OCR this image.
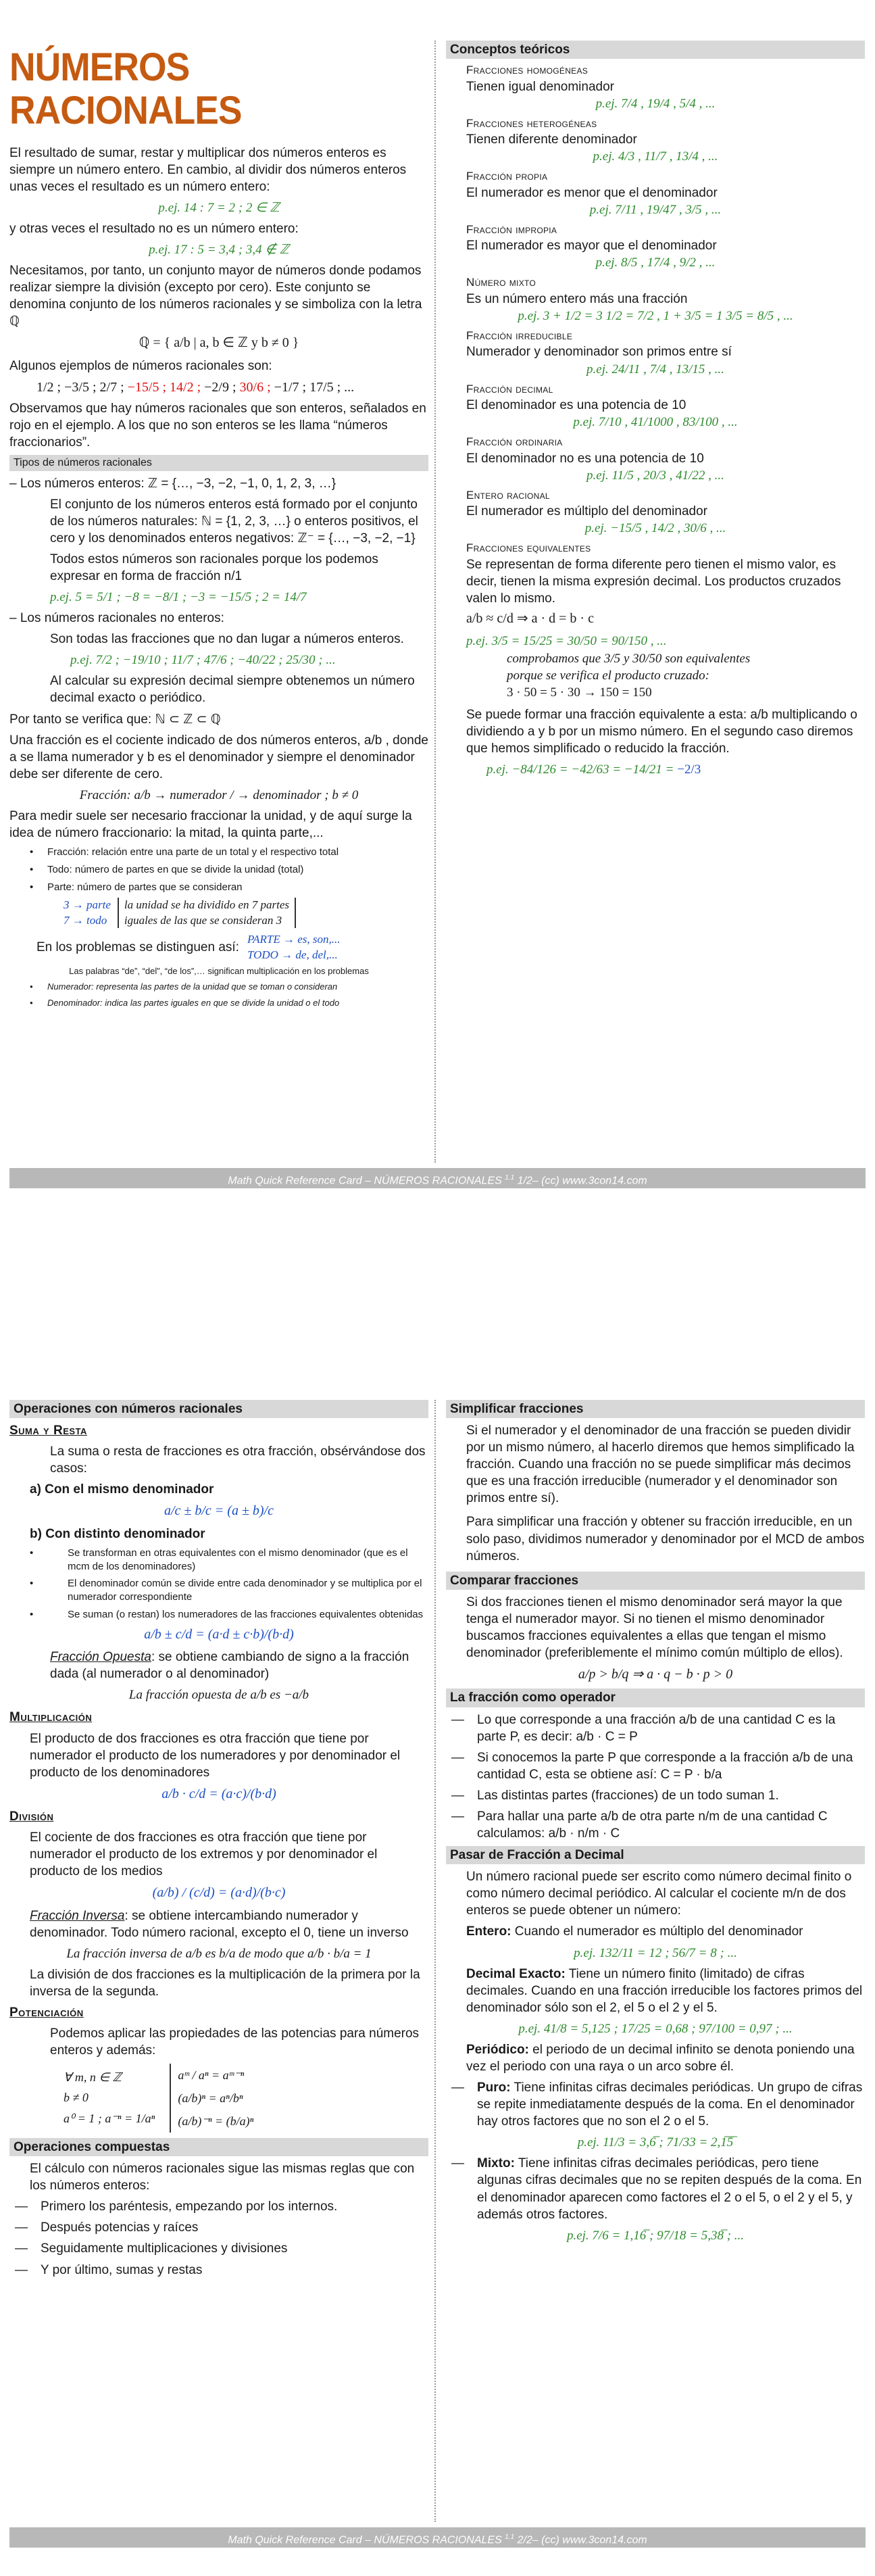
NÚMEROS RACIONALES

El resultado de sumar, restar y multiplicar dos números enteros es siempre un número entero. En cambio, al dividir dos números enteros unas veces el resultado es un número entero:

p.ej. 14 : 7 = 2 ; 2 ∈ ℤ

y otras veces el resultado no es un número entero:

p.ej. 17 : 5 = 3,4 ; 3,4 ∉ ℤ

Necesitamos, por tanto, un conjunto mayor de números donde podamos realizar siempre la división (excepto por cero). Este conjunto se denomina conjunto de los números racionales y se simboliza con la letra ℚ

ℚ = { a/b | a, b ∈ ℤ y b ≠ 0 }

Algunos ejemplos de números racionales son:

1/2 ; −3/5 ; 2/7 ; −15/5 ; 14/2 ; −2/9 ; 30/6 ; −1/7 ; 17/5 ; ...

Observamos que hay números racionales que son enteros, señalados en rojo en el ejemplo. A los que no son enteros se les llama “números fraccionarios”.

Tipos de números racionales

– Los números enteros: ℤ = {…, −3, −2, −1, 0, 1, 2, 3, …}

El conjunto de los números enteros está formado por el conjunto de los números naturales: ℕ = {1, 2, 3, …} o enteros positivos, el cero y los denominados enteros negativos: ℤ⁻ = {…, −3, −2, −1}

Todos estos números son racionales porque los podemos expresar en forma de fracción n/1

p.ej. 5 = 5/1 ; −8 = −8/1 ; −3 = −15/5 ; 2 = 14/7

– Los números racionales no enteros:

Son todas las fracciones que no dan lugar a números enteros.

p.ej. 7/2 ; −19/10 ; 11/7 ; 47/6 ; −40/22 ; 25/30 ; ...

Al calcular su expresión decimal siempre obtenemos un número decimal exacto o periódico.

Por tanto se verifica que: ℕ ⊂ ℤ ⊂ ℚ

Una fracción es el cociente indicado de dos números enteros, a/b , donde a se llama numerador y b es el denominador y siempre el denominador debe ser diferente de cero.

Fracción: a/b → numerador / → denominador ; b ≠ 0

Para medir suele ser necesario fraccionar la unidad, y de aquí surge la idea de número fraccionario: la mitad, la quinta parte,...

• Fracción: relación entre una parte de un total y el respectivo total
• Todo: número de partes en que se divide la unidad (total)
• Parte: número de partes que se consideran
3 → parte
7 → todo
la unidad se ha dividido en 7 partes
iguales de las que se consideran 3
En los problemas se distinguen así:
PARTE → es, son,...
TODO → de, del,...

Las palabras “de”, “del”, “de los”,… significan multiplicación en los problemas

• Numerador: representa las partes de la unidad que se toman o consideran
• Denominador: indica las partes iguales en que se divide la unidad o el todo
Conceptos teóricos
Fracciones homogéneas
Tienen igual denominador
p.ej. 7/4 , 19/4 , 5/4 , ...
Fracciones heterogéneas
Tienen diferente denominador
p.ej. 4/3 , 11/7 , 13/4 , ...
Fracción propia
El numerador es menor que el denominador
p.ej. 7/11 , 19/47 , 3/5 , ...
Fracción impropia
El numerador es mayor que el denominador
p.ej. 8/5 , 17/4 , 9/2 , ...
Número mixto
Es un número entero más una fracción
p.ej. 3 + 1/2 = 3 1/2 = 7/2 , 1 + 3/5 = 1 3/5 = 8/5 , ...
Fracción irreducible
Numerador y denominador son primos entre sí
p.ej. 24/11 , 7/4 , 13/15 , ...
Fracción decimal
El denominador es una potencia de 10
p.ej. 7/10 , 41/1000 , 83/100 , ...
Fracción ordinaria
El denominador no es una potencia de 10
p.ej. 11/5 , 20/3 , 41/22 , ...
Entero racional
El numerador es múltiplo del denominador
p.ej. −15/5 , 14/2 , 30/6 , ...
Fracciones equivalentes
Se representan de forma diferente pero tienen el mismo valor, es decir, tienen la misma expresión decimal. Los productos cruzados valen lo mismo.
a/b ≈ c/d ⇒ a · d = b · c
p.ej. 3/5 = 15/25 = 30/50 = 90/150 , ...
comprobamos que 3/5 y 30/50 son equivalentes
porque se verifica el producto cruzado:
3 · 50 = 5 · 30 → 150 = 150
Se puede formar una fracción equivalente a esta: a/b multiplicando o dividiendo a y b por un mismo número. En el segundo caso diremos que hemos simplificado o reducido la fracción.
p.ej. −84/126 = −42/63 = −14/21 = −2/3
Math Quick Reference Card – NÚMEROS RACIONALES $^{1.1}$ 1/2– (cc) www.3con14.com
Operaciones con números racionales

Suma y Resta

La suma o resta de fracciones es otra fracción, obsérvándose dos casos:

a) Con el mismo denominador

a/c ± b/c = (a ± b)/c

b) Con distinto denominador

• Se transforman en otras equivalentes con el mismo denominador (que es el mcm de los denominadores)
• El denominador común se divide entre cada denominador y se multiplica por el numerador correspondiente
• Se suman (o restan) los numeradores de las fracciones equivalentes obtenidas

a/b ± c/d = (a·d ± c·b)/(b·d)

Fracción Opuesta: se obtiene cambiando de signo a la fracción dada (al numerador o al denominador)

La fracción opuesta de a/b es −a/b

Multiplicación

El producto de dos fracciones es otra fracción que tiene por numerador el producto de los numeradores y por denominador el producto de los denominadores

a/b · c/d = (a·c)/(b·d)

División

El cociente de dos fracciones es otra fracción que tiene por numerador el producto de los extremos y por denominador el producto de los medios

(a/b) / (c/d) = (a·d)/(b·c)

Fracción Inversa: se obtiene intercambiando numerador y denominador. Todo número racional, excepto el 0, tiene un inverso

La fracción inversa de a/b es b/a de modo que a/b · b/a = 1

La división de dos fracciones es la multiplicación de la primera por la inversa de la segunda.

Potenciación

Podemos aplicar las propiedades de las potencias para números enteros y además:

∀ m, n ∈ ℤ
b ≠ 0
a⁰ = 1 ; a⁻ⁿ = 1/aⁿ
aᵐ / aⁿ = aᵐ⁻ⁿ
(a/b)ⁿ = aⁿ/bⁿ
(a/b)⁻ⁿ = (b/a)ⁿ
Operaciones compuestas

El cálculo con números racionales sigue las mismas reglas que con los números enteros:

— Primero los paréntesis, empezando por los internos.
— Después potencias y raíces
— Seguidamente multiplicaciones y divisiones
— Y por último, sumas y restas
Simplificar fracciones

Si el numerador y el denominador de una fracción se pueden dividir por un mismo número, al hacerlo diremos que hemos simplificado la fracción. Cuando una fracción no se puede simplificar más decimos que es una fracción irreducible (numerador y el denominador son primos entre sí).

Para simplificar una fracción y obtener su fracción irreducible, en un solo paso, dividimos numerador y denominador por el MCD de ambos números.

Comparar fracciones

Si dos fracciones tienen el mismo denominador será mayor la que tenga el numerador mayor. Si no tienen el mismo denominador buscamos fracciones equivalentes a ellas que tengan el mismo denominador (preferiblemente el mínimo común múltiplo de ellos).

a/p > b/q ⇒ a · q − b · p > 0

La fracción como operador
— Lo que corresponde a una fracción a/b de una cantidad C es la parte P, es decir: a/b · C = P
— Si conocemos la parte P que corresponde a la fracción a/b de una cantidad C, esta se obtiene así: C = P · b/a
— Las distintas partes (fracciones) de un todo suman 1.
— Para hallar una parte a/b de otra parte n/m de una cantidad C calculamos: a/b · n/m · C
Pasar de Fracción a Decimal

Un número racional puede ser escrito como número decimal finito o como número decimal periódico. Al calcular el cociente m/n de dos enteros se puede obtener un número:

Entero: Cuando el numerador es múltiplo del denominador

p.ej. 132/11 = 12 ; 56/7 = 8 ; ...

Decimal Exacto: Tiene un número finito (limitado) de cifras decimales. Cuando en una fracción irreducible los factores primos del denominador sólo son el 2, el 5 o el 2 y el 5.

p.ej. 41/8 = 5,125 ; 17/25 = 0,68 ; 97/100 = 0,97 ; ...

Periódico: el periodo de un decimal infinito se denota poniendo una vez el periodo con una raya o un arco sobre él.

— Puro: Tiene infinitas cifras decimales periódicas. Un grupo de cifras se repite inmediatamente después de la coma. En el denominador hay otros factores que no son el 2 o el 5.

p.ej. 11/3 = 3,6̅ ; 71/33 = 2,1̅5̅

— Mixto: Tiene infinitas cifras decimales periódicas, pero tiene algunas cifras decimales que no se repiten después de la coma. En el denominador aparecen como factores el 2 o el 5, o el 2 y el 5, y además otros factores.

p.ej. 7/6 = 1,16̅ ; 97/18 = 5,38̅ ; ...

Math Quick Reference Card – NÚMEROS RACIONALES $^{1.1}$ 2/2– (cc) www.3con14.com
